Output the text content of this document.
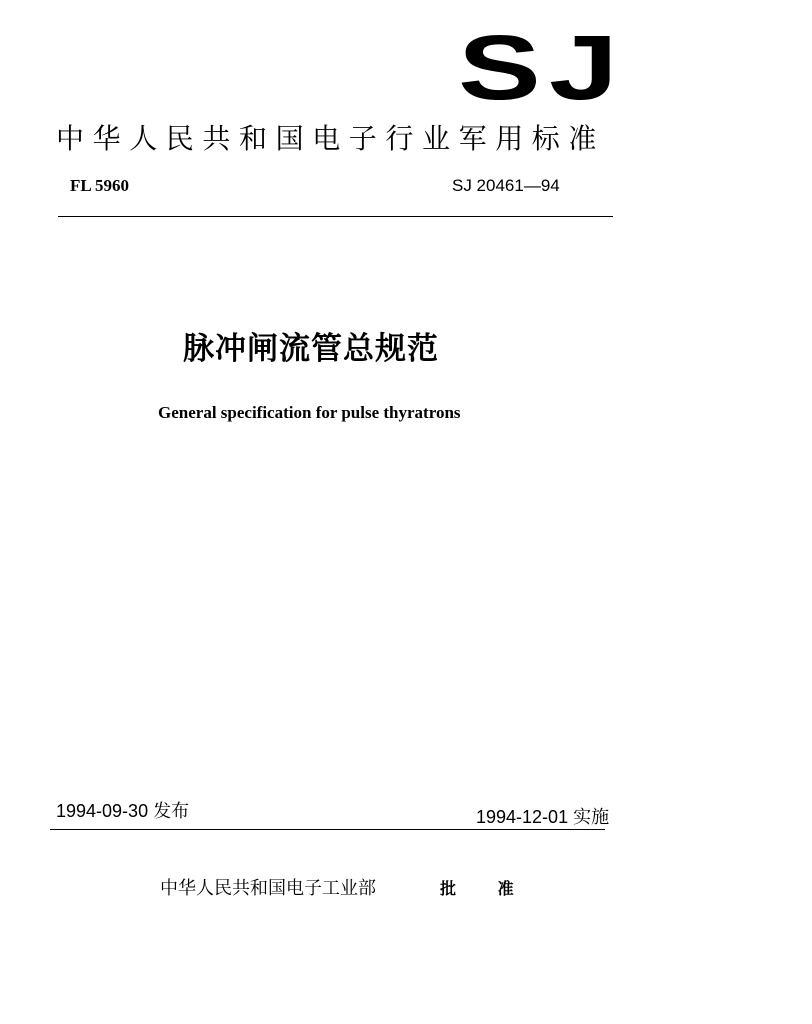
SJ
中华人民共和国电子行业军用标准
FL 5960	SJ 20461—94
脉冲闸流管总规范
General specification for pulse thyratrons
1994-09-30 发布	1994-12-01 实施
中华人民共和国电子工业部	批 准
